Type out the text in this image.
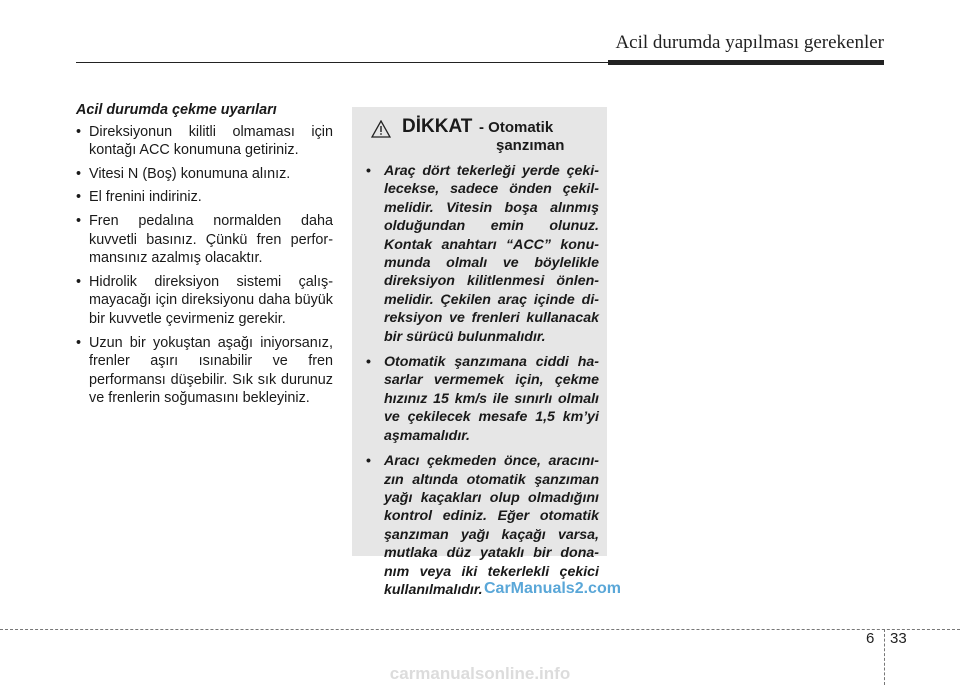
Acil durumda yapılması gerekenler
Acil durumda çekme uyarıları
• Direksiyonun kilitli olmaması için kontağı ACC konumuna getiriniz.
• Vitesi N (Boş) konumuna alınız.
• El frenini indiriniz.
• Fren pedalına normalden daha kuvvetli basınız. Çünkü fren performansınız azalmış olacaktır.
• Hidrolik direksiyon sistemi çalışmayacağı için direksiyonu daha büyük bir kuvvetle çevirmeniz gerekir.
• Uzun bir yokuştan aşağı iniyorsanız, frenler aşırı ısınabilir ve fren performansı düşebilir. Sık sık durunuz ve frenlerin soğumasını bekleyiniz.
DİKKAT - Otomatik
şanzıman
• Araç dört tekerleği yerde çekilecekse, sadece önden çekilmelidir. Vitesin boşa alınmış olduğundan emin olunuz. Kontak anahtarı “ACC” konumunda olmalı ve böylelikle direksiyon kilitlenmesi önlenmelidir. Çekilen araç içinde direksiyon ve frenleri kullanacak bir sürücü bulunmalıdır.
• Otomatik şanzımana ciddi hasarlar vermemek için, çekme hızınız 15 km/s ile sınırlı olmalı ve çekilecek mesafe 1,5 km’yi aşmamalıdır.
• Aracı çekmeden önce, aracınızın altında otomatik şanzıman yağı kaçakları olup olmadığını kontrol ediniz. Eğer otomatik şanzıman yağı kaçağı varsa, mutlaka düz yataklı bir donanım veya iki tekerlekli çekici kullanılmalıdır. CarManuals2.com
6 33
carmanualsonline.info
